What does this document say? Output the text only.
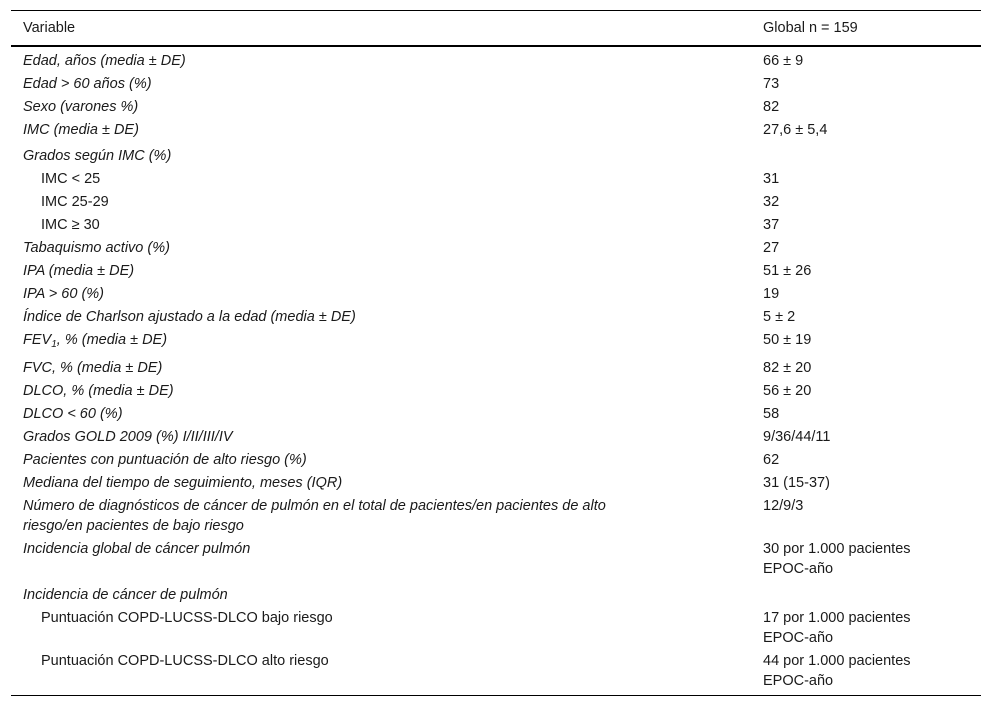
Variable	Global n = 159
Edad, años (media ± DE)	66 ± 9
Edad > 60 años (%)	73
Sexo (varones %)	82
IMC (media ± DE)	27,6 ± 5,4
Grados según IMC (%)	
IMC < 25	31
IMC 25-29	32
IMC ≥ 30	37
Tabaquismo activo (%)	27
IPA (media ± DE)	51 ± 26
IPA > 60 (%)	19
Índice de Charlson ajustado a la edad (media ± DE)	5 ± 2
$FEV_1$, % (media ± DE)	50 ± 19
FVC, % (media ± DE)	82 ± 20
DLCO, % (media ± DE)	56 ± 20
DLCO < 60 (%)	58
Grados GOLD 2009 (%) I/II/III/IV	9/36/44/11
Pacientes con puntuación de alto riesgo (%)	62
Mediana del tiempo de seguimiento, meses (IQR)	31 (15-37)

Número de diagnósticos de cáncer de pulmón en el total de pacientes/en pacientes de alto
riesgo/en pacientes de bajo riesgo	12/9/3
Incidencia global de cáncer pulmón	30 por 1.000 pacientes
EPOC-año

Incidencia de cáncer de pulmón	
Puntuación COPD-LUCSS-DLCO bajo riesgo	17 por 1.000 pacientes
EPOC-año

Puntuación COPD-LUCSS-DLCO alto riesgo	44 por 1.000 pacientes
EPOC-año
